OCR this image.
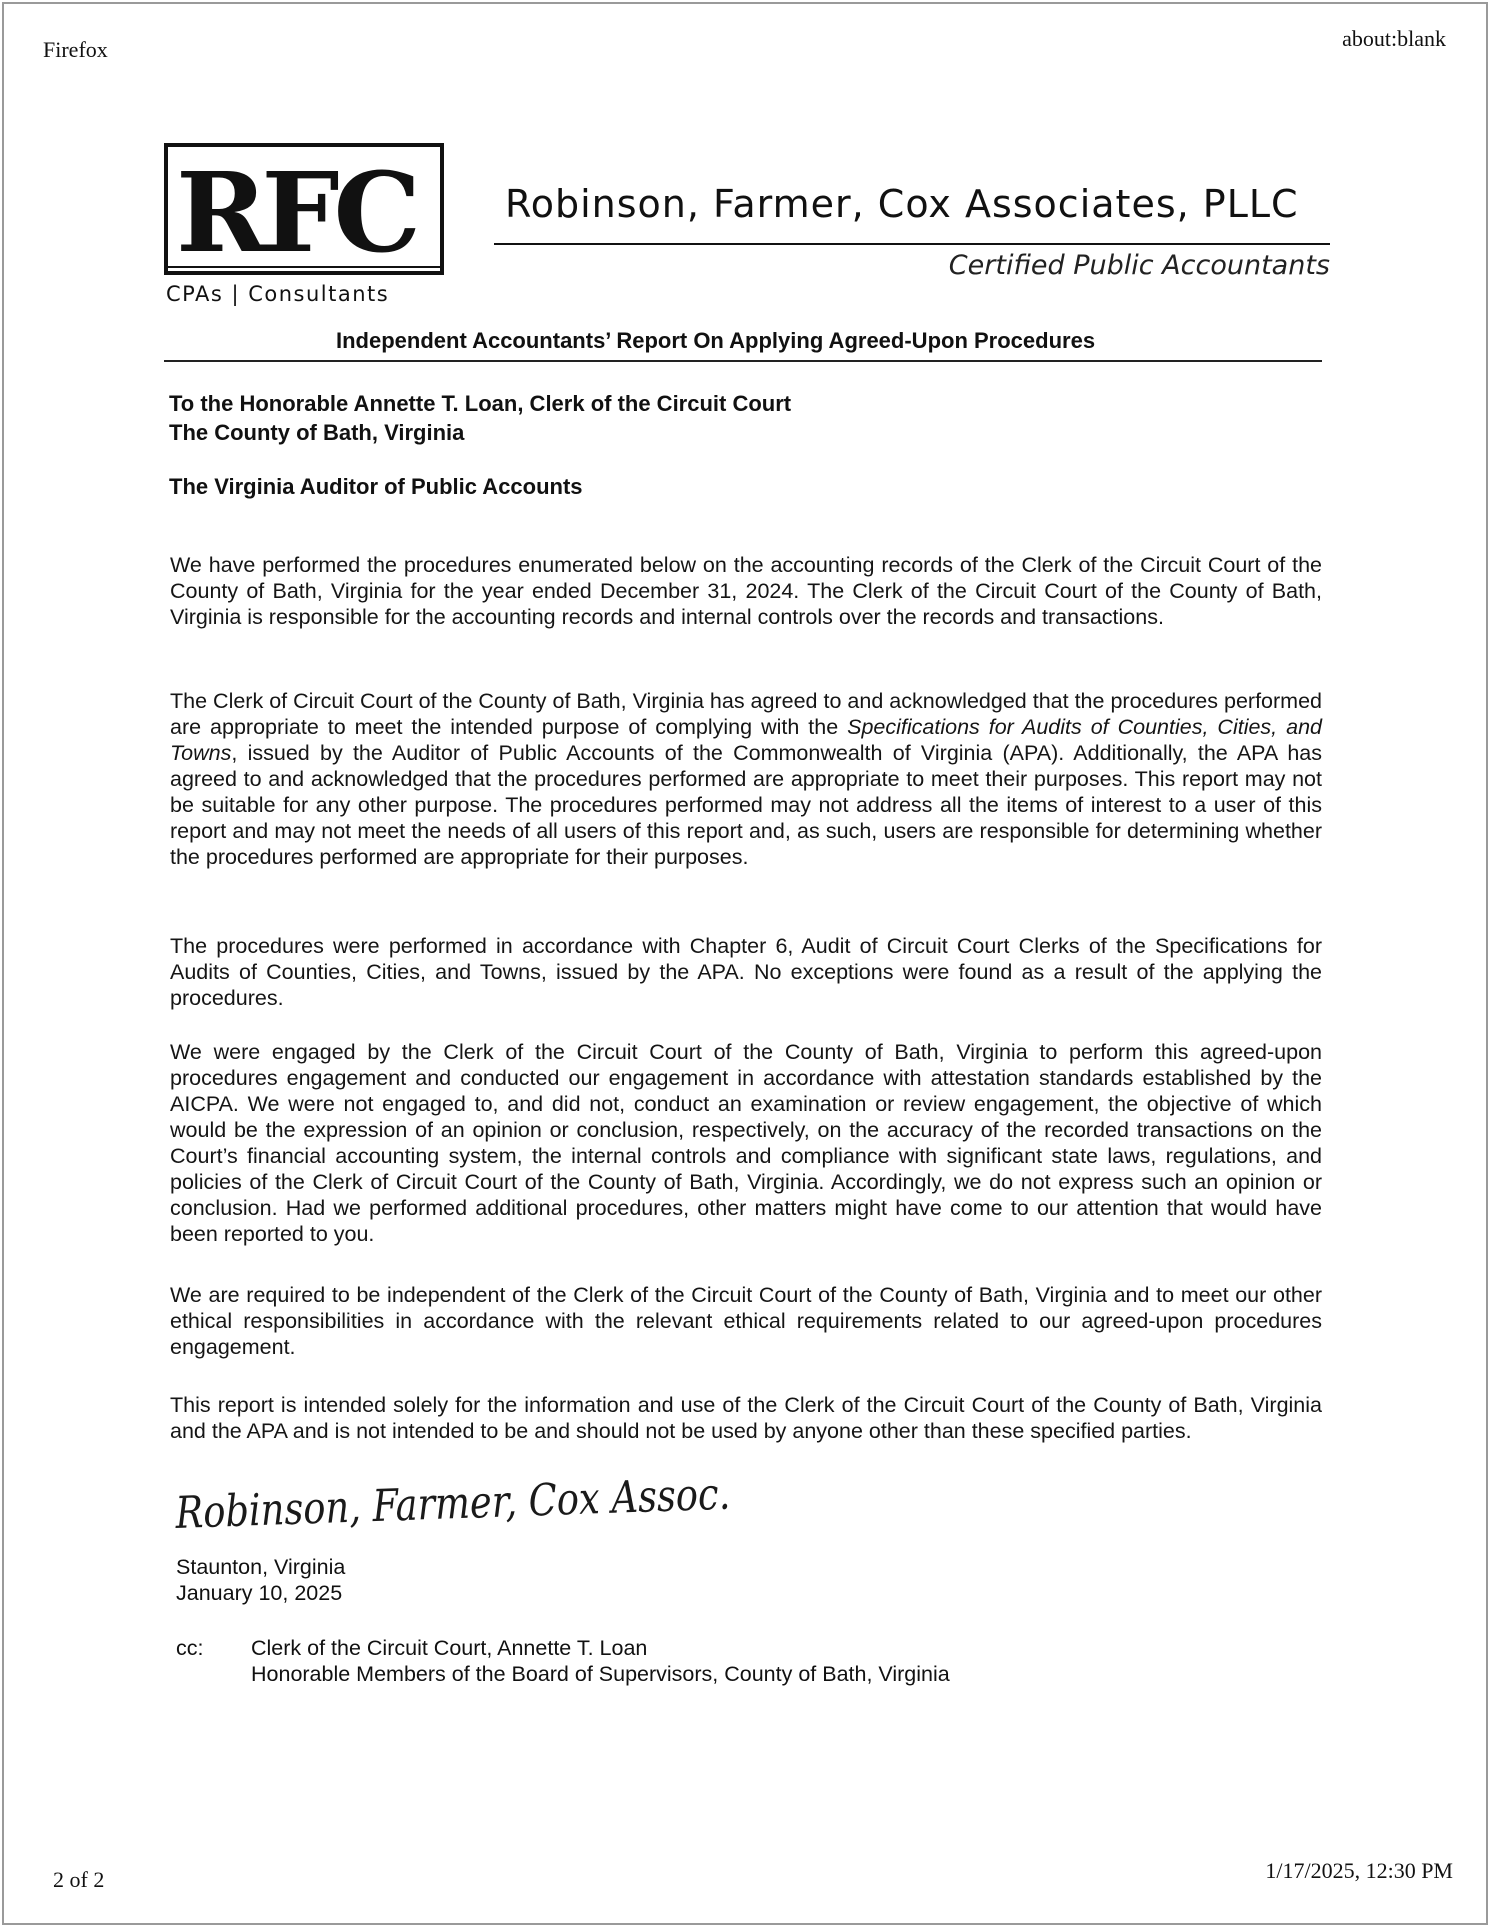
Firefox	about:blank
RFC
CPAs | Consultants
Robinson, Farmer, Cox Associates, PLLC
Certified Public Accountants
Independent Accountants’ Report On Applying Agreed-Upon Procedures
To the Honorable Annette T. Loan, Clerk of the Circuit Court
The County of Bath, Virginia
The Virginia Auditor of Public Accounts

We have performed the procedures enumerated below on the accounting records of the Clerk of the Circuit Court of the County of Bath, Virginia for the year ended December 31, 2024. The Clerk of the Circuit Court of the County of Bath, Virginia is responsible for the accounting records and internal controls over the records and transactions.

The Clerk of Circuit Court of the County of Bath, Virginia has agreed to and acknowledged that the procedures performed are appropriate to meet the intended purpose of complying with the Specifications for Audits of Counties, Cities, and Towns, issued by the Auditor of Public Accounts of the Commonwealth of Virginia (APA). Additionally, the APA has agreed to and acknowledged that the procedures performed are appropriate to meet their purposes. This report may not be suitable for any other purpose. The procedures performed may not address all the items of interest to a user of this report and may not meet the needs of all users of this report and, as such, users are responsible for determining whether the procedures performed are appropriate for their purposes.

The procedures were performed in accordance with Chapter 6, Audit of Circuit Court Clerks of the Specifications for Audits of Counties, Cities, and Towns, issued by the APA. No exceptions were found as a result of the applying the procedures.

We were engaged by the Clerk of the Circuit Court of the County of Bath, Virginia to perform this agreed-upon procedures engagement and conducted our engagement in accordance with attestation standards established by the AICPA. We were not engaged to, and did not, conduct an examination or review engagement, the objective of which would be the expression of an opinion or conclusion, respectively, on the accuracy of the recorded transactions on the Court’s financial accounting system, the internal controls and compliance with significant state laws, regulations, and policies of the Clerk of Circuit Court of the County of Bath, Virginia. Accordingly, we do not express such an opinion or conclusion. Had we performed additional procedures, other matters might have come to our attention that would have been reported to you.

We are required to be independent of the Clerk of the Circuit Court of the County of Bath, Virginia and to meet our other ethical responsibilities in accordance with the relevant ethical requirements related to our agreed-upon procedures engagement.

This report is intended solely for the information and use of the Clerk of the Circuit Court of the County of Bath, Virginia and the APA and is not intended to be and should not be used by anyone other than these specified parties.

Robinson, Farmer, Cox Assoc.
Staunton, Virginia
January 10, 2025
cc: Clerk of the Circuit Court, Annette T. Loan
Honorable Members of the Board of Supervisors, County of Bath, Virginia
2 of 2	1/17/2025, 12:30 PM
